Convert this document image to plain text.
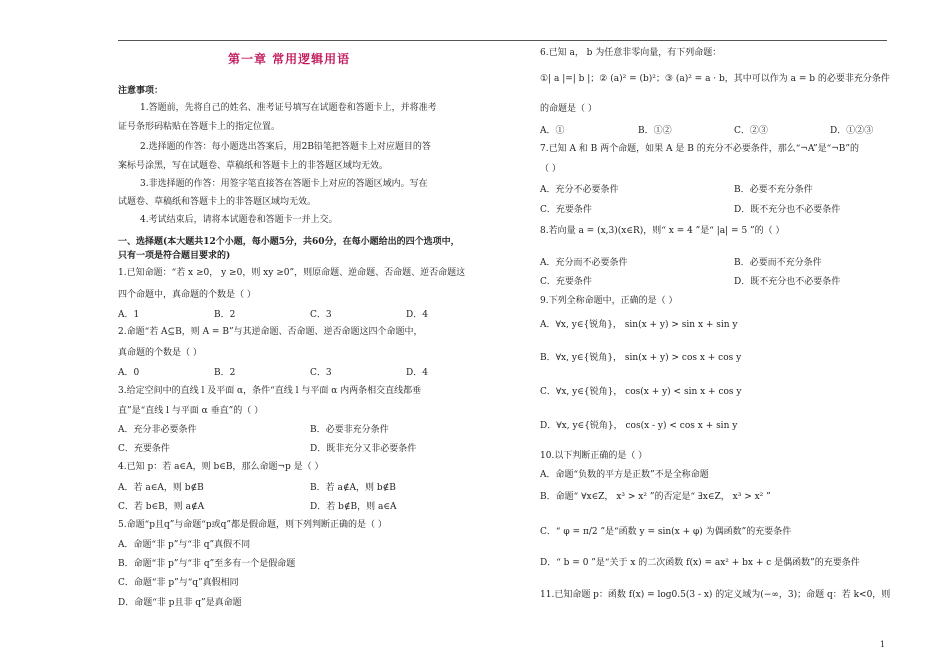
第一章 常用逻辑用语
注意事项：
1.答题前，先将自己的姓名、准考证号填写在试题卷和答题卡上，并将准考
证号条形码粘贴在答题卡上的指定位置。
2.选择题的作答：每小题选出答案后，用2B铅笔把答题卡上对应题目的答
案标号涂黑，写在试题卷、草稿纸和答题卡上的非答题区域均无效。
3.非选择题的作答：用签字笔直接答在答题卡上对应的答题区域内。写在
试题卷、草稿纸和答题卡上的非答题区域均无效。
4.考试结束后，请将本试题卷和答题卡一并上交。
一、选择题(本大题共12个小题，每小题5分，共60分，在每小题给出的四个选项中，
只有一项是符合题目要求的)
1.已知命题：“若 x ≥0， y ≥0，则 xy ≥0”，则原命题、逆命题、否命题、逆否命题这
四个命题中，真命题的个数是（ ）
A．1	B．2	C．3	D．4
2.命题“若 A⊆B，则 A = B”与其逆命题、否命题、逆否命题这四个命题中，
真命题的个数是（ ）
A．0	B．2	C．3	D．4
3.给定空间中的直线 l 及平面 α，条件“直线 l 与平面 α 内两条相交直线都垂
直”是“直线 l 与平面 α 垂直”的（ ）
A．充分非必要条件	B．必要非充分条件
C．充要条件	D．既非充分又非必要条件
4.已知 p：若 a∈A，则 b∈B，那么命题¬p 是（ ）
A．若 a∈A，则 b∉B	B．若 a∉A，则 b∉B
C．若 b∈B，则 a∉A	D．若 b∉B，则 a∈A
5.命题“p且q”与命题“p或q”都是假命题，则下列判断正确的是（ ）
A．命题“非 p”与“非 q”真假不同
B．命题“非 p”与“非 q”至多有一个是假命题
C．命题“非 p”与“q”真假相同
D．命题“非 p且非 q”是真命题
6.已知 a， b 为任意非零向量，有下列命题：
①| a |=| b |；② (a)² = (b)²；③ (a)² = a · b，其中可以作为 a = b 的必要非充分条件
的命题是（ ）
A．①	B．①②	C．②③	D．①②③
7.已知 A 和 B 两个命题，如果 A 是 B 的充分不必要条件，那么“¬A”是“¬B”的
（ ）
A．充分不必要条件	B．必要不充分条件
C．充要条件	D．既不充分也不必要条件
8.若向量 a = (x,3)(x∈R)，则“ x = 4 ”是“ |a| = 5 ”的（ ）
A．充分而不必要条件	B．必要而不充分条件
C．充要条件	D．既不充分也不必要条件
9.下列全称命题中，正确的是（ ）
A．∀x, y∈{锐角}， sin(x + y) > sin x + sin y
B．∀x, y∈{锐角}， sin(x + y) > cos x + cos y
C．∀x, y∈{锐角}， cos(x + y) < sin x + cos y
D．∀x, y∈{锐角}， cos(x - y) < cos x + sin y
10.以下判断正确的是（ ）
A．命题“负数的平方是正数”不是全称命题
B．命题“ ∀x∈Z， x³ > x² ”的否定是“ ∃x∈Z， x³ > x² ”
C．“ φ = π/2 ”是“函数 y = sin(x + φ) 为偶函数”的充要条件
D．“ b = 0 ”是“关于 x 的二次函数 f(x) = ax² + bx + c 是偶函数”的充要条件
11.已知命题 p：函数 f(x) = log0.5(3 - x) 的定义域为(−∞，3)；命题 q：若 k<0，则
1
